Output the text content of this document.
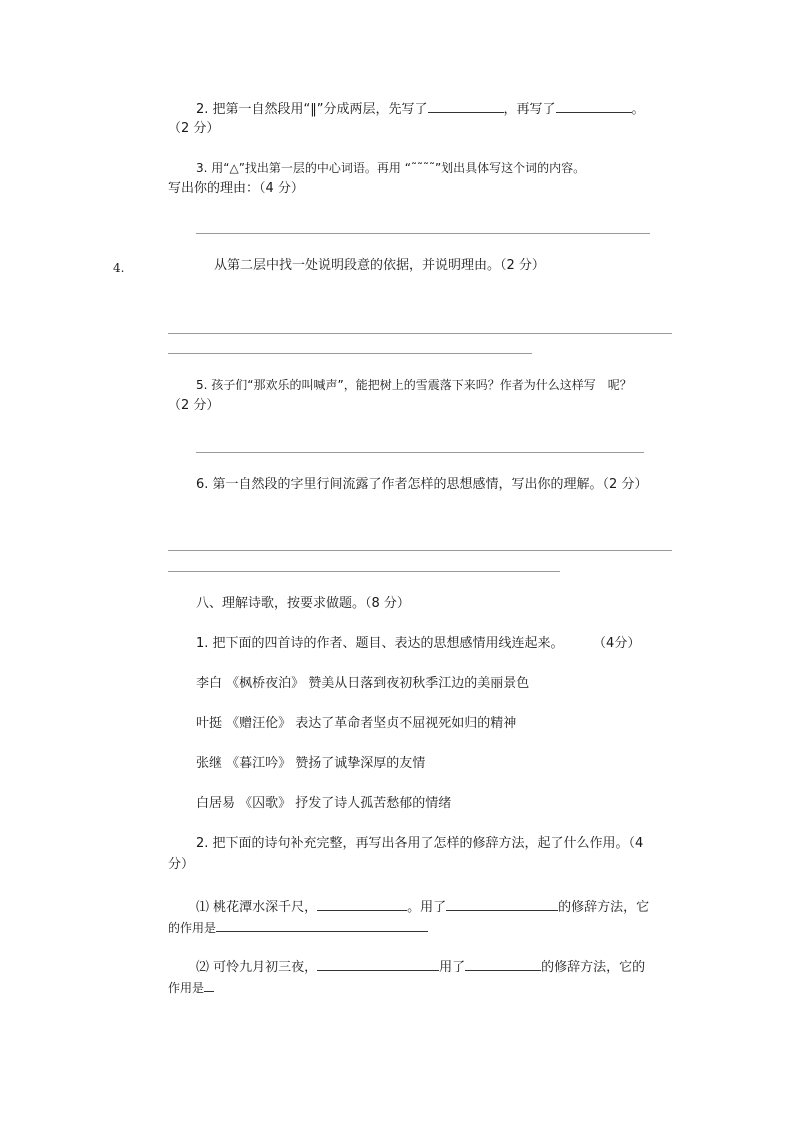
2. 把第一自然段用“‖”分成两层，先写了	，再写了	。
（2 分）
3. 用“△”找出第一层的中心词语。再用 “˜˜˜˜”划出具体写这个词的内容。
写出你的理由：（4 分）
4.	从第二层中找一处说明段意的依据，并说明理由。（2 分）
5. 孩子们“那欢乐的叫喊声”，能把树上的雪震落下来吗？作者为什么这样写　呢？
（2 分）
6. 第一自然段的字里行间流露了作者怎样的思想感情，写出你的理解。（2 分）
八、理解诗歌，按要求做题。（8 分）
1. 把下面的四首诗的作者、题目、表达的思想感情用线连起来。	（4分）
李白 《枫桥夜泊》 赞美从日落到夜初秋季江边的美丽景色
叶挺 《赠汪伦》 表达了革命者坚贞不屈视死如归的精神
张继 《暮江吟》 赞扬了诚挚深厚的友情
白居易 《囚歌》 抒发了诗人孤苦愁郁的情绪
2. 把下面的诗句补充完整，再写出各用了怎样的修辞方法，起了什么作用。（4
分）
⑴ 桃花潭水深千尺，	。用了	的修辞方法，它
的作用是
⑵ 可怜九月初三夜，	用了	的修辞方法，它的
作用是
